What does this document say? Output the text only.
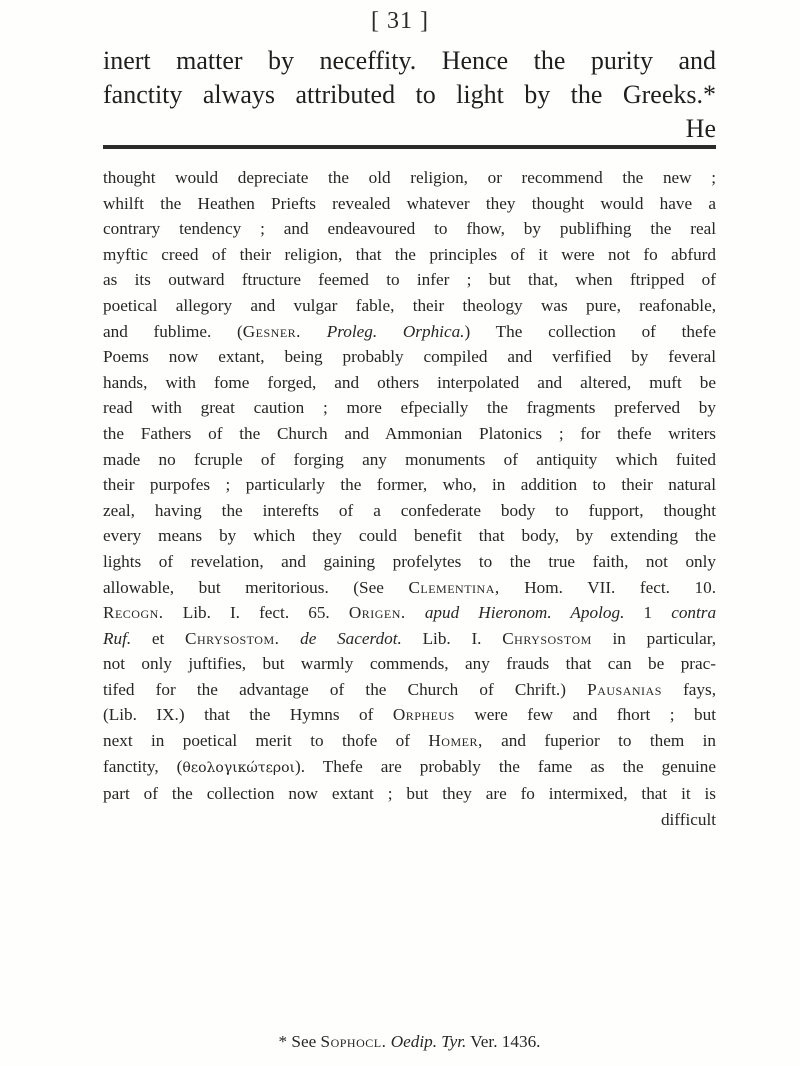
[ 31 ]
inert matter by neceffity. Hence the purity and
fanctity always attributed to light by the Greeks.*
He
thought would depreciate the old religion, or recommend the new ;
whilft the Heathen Priefts revealed whatever they thought would have a
contrary tendency ; and endeavoured to fhow, by publifhing the real
myftic creed of their religion, that the principles of it were not fo abfurd
as its outward ftructure feemed to infer ; but that, when ftripped of
poetical allegory and vulgar fable, their theology was pure, reafonable,
and fublime. (Gesner. Proleg. Orphica.) The collection of thefe
Poems now extant, being probably compiled and verfified by feveral
hands, with fome forged, and others interpolated and altered, muft be
read with great caution ; more efpecially the fragments preferved by
the Fathers of the Church and Ammonian Platonics ; for thefe writers
made no fcruple of forging any monuments of antiquity which fuited
their purpofes ; particularly the former, who, in addition to their natural
zeal, having the interefts of a confederate body to fupport, thought
every means by which they could benefit that body, by extending the
lights of revelation, and gaining profelytes to the true faith, not only
allowable, but meritorious. (See Clementina, Hom. VII. fect. 10.
Recogn. Lib. I. fect. 65. Origen. apud Hieronom. Apolog. 1 contra
Ruf. et Chrysostom. de Sacerdot. Lib. I. Chrysostom in particular,
not only juftifies, but warmly commends, any frauds that can be prac-
tifed for the advantage of the Church of Chrift.) Pausanias fays,
(Lib. IX.) that the Hymns of Orpheus were few and fhort ; but
next in poetical merit to thofe of Homer, and fuperior to them in
fanctity, (θεολογικώτεροι). Thefe are probably the fame as the genuine
part of the collection now extant ; but they are fo intermixed, that it is
difficult
* See Sophocl. Oedip. Tyr. Ver. 1436.
